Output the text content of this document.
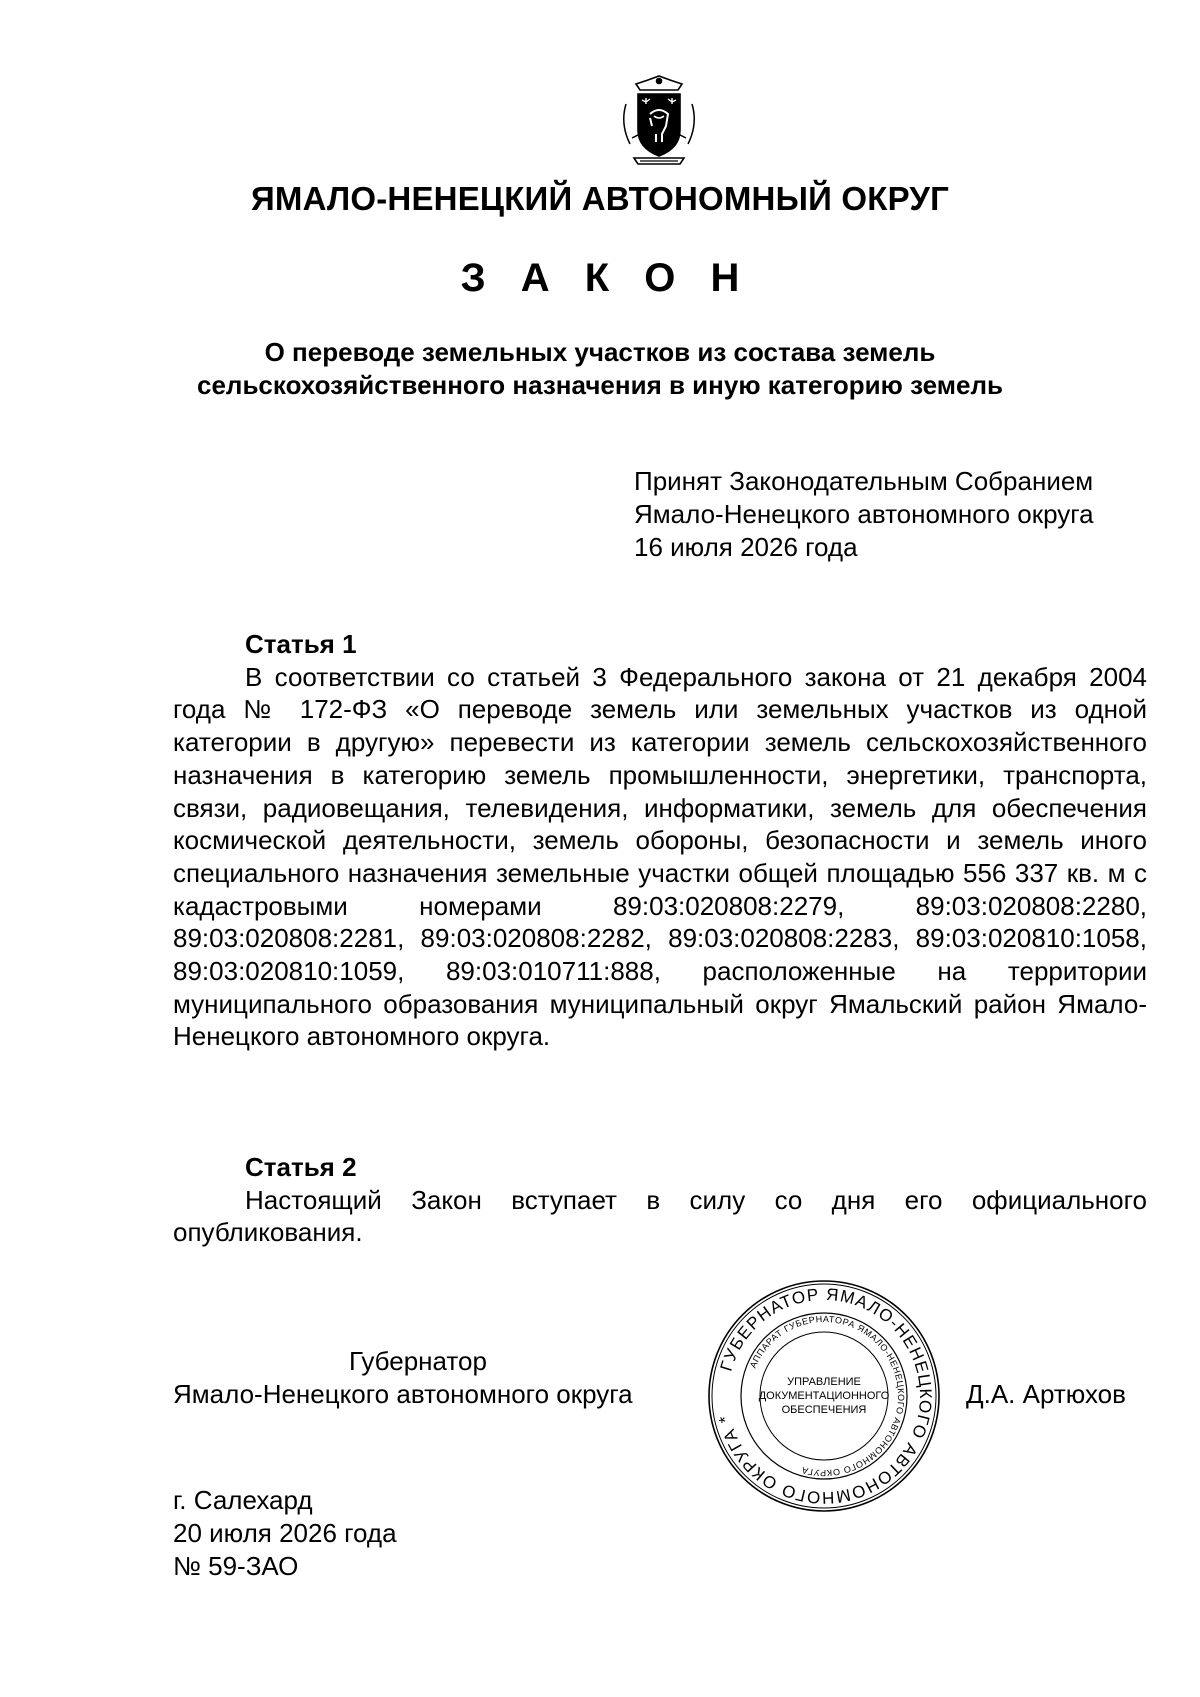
ЯМАЛО-НЕНЕЦКИЙ АВТОНОМНЫЙ ОКРУГ
З А К О Н
О переводе земельных участков из состава земель
сельскохозяйственного назначения в иную категорию земель
Принят Законодательным Собранием
Ямало-Ненецкого автономного округа
16 июля 2026 года
Статья 1
В соответствии со статьей 3 Федерального закона от 21 декабря 2004 года № 172-ФЗ «О переводе земель или земельных участков из одной категории в другую» перевести из категории земель сельскохозяйственного назначения в категорию земель промышленности, энергетики, транспорта, связи, радиовещания, телевидения, информатики, земель для обеспечения космической деятельности, земель обороны, безопасности и земель иного специального назначения земельные участки общей площадью 556 337 кв. м с кадастровыми номерами 89:03:020808:2279, 89:03:020808:2280, 89:03:020808:2281, 89:03:020808:2282, 89:03:020808:2283, 89:03:020810:1058, 89:03:020810:1059, 89:03:010711:888, расположенные на территории муниципального образования муниципальный округ Ямальский район Ямало-Ненецкого автономного округа.
Статья 2
Настоящий Закон вступает в силу со дня его официального опубликования.
Губернатор
Ямало-Ненецкого автономного округа	Д.А. Артюхов
ГУБЕРНАТОР ЯМАЛО-НЕНЕЦКОГО АВТОНОМНОГО ОКРУГА *
АППАРАТ ГУБЕРНАТОРА ЯМАЛО-НЕНЕЦКОГО АВТОНОМНОГО ОКРУГА
УПРАВЛЕНИЕ
ДОКУМЕНТАЦИОННОГО
ОБЕСПЕЧЕНИЯ
г. Салехард
20 июля 2026 года
№ 59-ЗАО
